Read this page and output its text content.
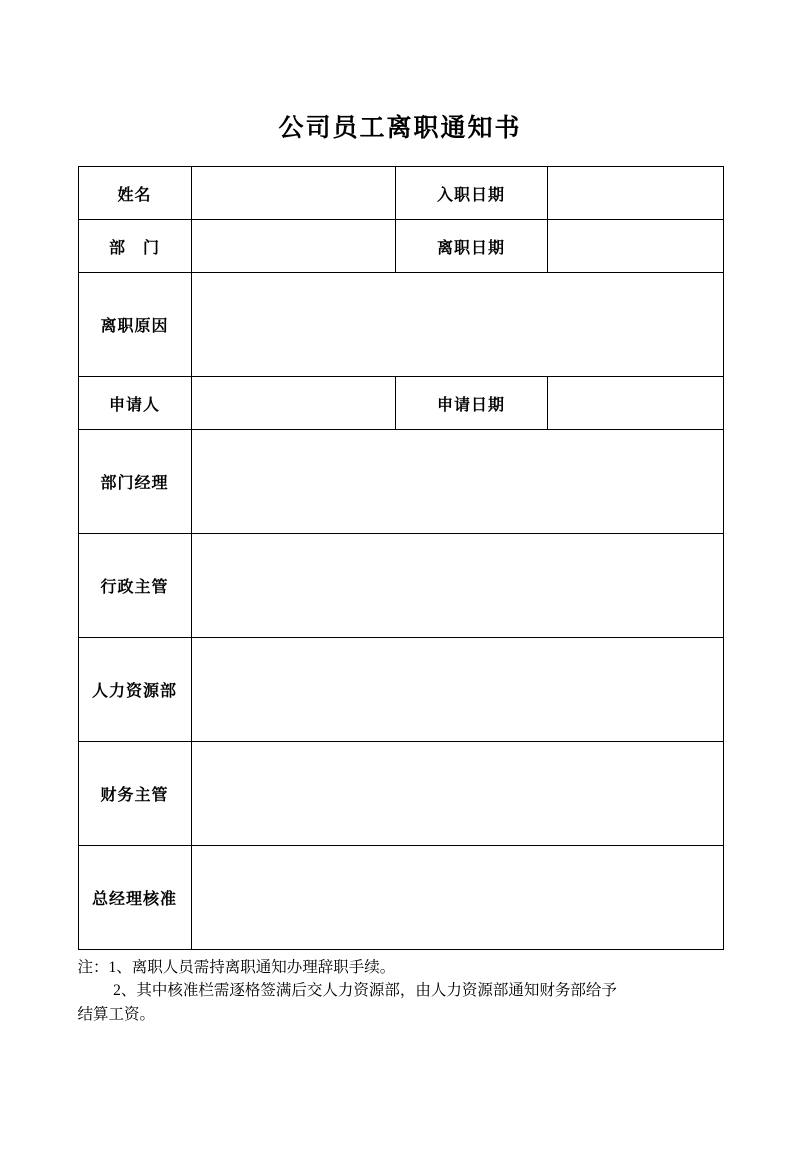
公司员工离职通知书
姓名		入职日期	
部　门		离职日期	
离职原因			
申请人		申请日期	
部门经理			
行政主管			
人力资源部			
财务主管			
总经理核准			
注：1、离职人员需持离职通知办理辞职手续。
2、其中核准栏需逐格签满后交人力资源部，由人力资源部通知财务部给予
结算工资。
